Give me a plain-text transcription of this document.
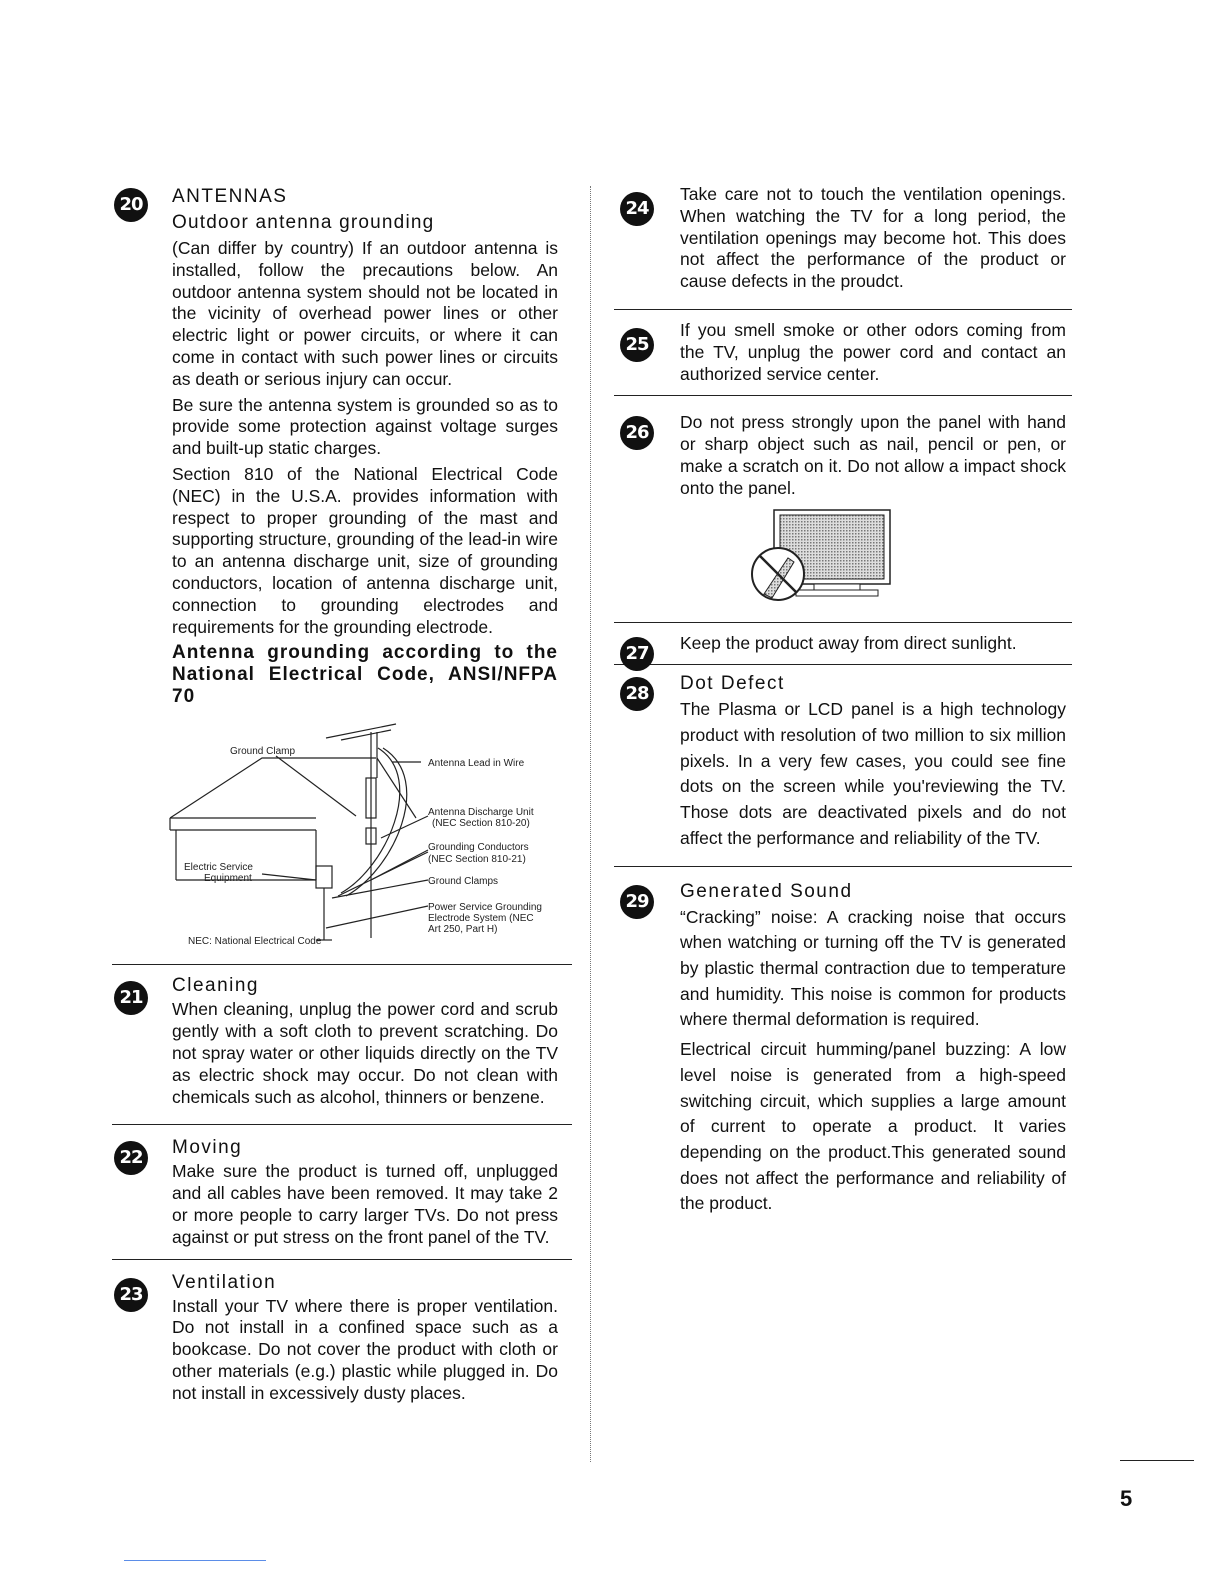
20 ANTENNAS
Outdoor antenna grounding

(Can differ by country) If an outdoor antenna is installed, follow the precautions below. An outdoor antenna system should not be located in the vicinity of overhead power lines or other electric light or power circuits, or where it can come in contact with such power lines or circuits as death or serious injury can occur.

Be sure the antenna system is grounded so as to provide some protection against voltage surges and built-up static charges.

Section 810 of the National Electrical Code (NEC) in the U.S.A. provides information with respect to proper grounding of the mast and supporting structure, grounding of the lead-in wire to an antenna discharge unit, size of grounding conductors, location of antenna discharge unit, connection to grounding electrodes and requirements for the grounding electrode.

Antenna grounding according to the National Electrical Code, ANSI/NFPA 70
Ground Clamp
Antenna Lead in Wire
Antenna Discharge Unit
(NEC Section 810-20)
Grounding Conductors
(NEC Section 810-21)
Ground Clamps
Electric Service
Equipment
Power Service Grounding
Electrode System (NEC
Art 250, Part H)
NEC: National Electrical Code
21
Cleaning

When cleaning, unplug the power cord and scrub gently with a soft cloth to prevent scratching. Do not spray water or other liquids directly on the TV as electric shock may occur. Do not clean with chemicals such as alcohol, thinners or benzene.

22 Moving

Make sure the product is turned off, unplugged and all cables have been removed. It may take 2 or more people to carry larger TVs. Do not press against or put stress on the front panel of the TV.

23
Ventilation

Install your TV where there is proper ventilation. Do not install in a confined space such as a bookcase. Do not cover the product with cloth or other materials (e.g.) plastic while plugged in. Do not install in excessively dusty places.

24

Take care not to touch the ventilation openings. When watching the TV for a long period, the ventilation openings may become hot. This does not affect the performance of the product or cause defects in the proudct.

25

If you smell smoke or other odors coming from the TV, unplug the power cord and contact an authorized service center.

26	Do not press strongly upon the panel with hand or sharp object such as nail, pencil or pen, or make a scratch on it. Do not allow a impact shock onto the panel.

27	Keep the product away from direct sunlight.

28 Dot Defect

The Plasma or LCD panel is a high technology product with resolution of two million to six million pixels. In a very few cases, you could see fine dots on the screen while you'reviewing the TV. Those dots are deactivated pixels and do not affect the performance and reliability of the TV.

29 Generated Sound

“Cracking” noise: A cracking noise that occurs when watching or turning off the TV is generated by plastic thermal contraction due to temperature and humidity. This noise is common for products where thermal deformation is required.

Electrical circuit humming/panel buzzing: A low level noise is generated from a high-speed switching circuit, which supplies a large amount of current to operate a product. It varies depending on the product.This generated sound does not affect the performance and reliability of the product.

5
